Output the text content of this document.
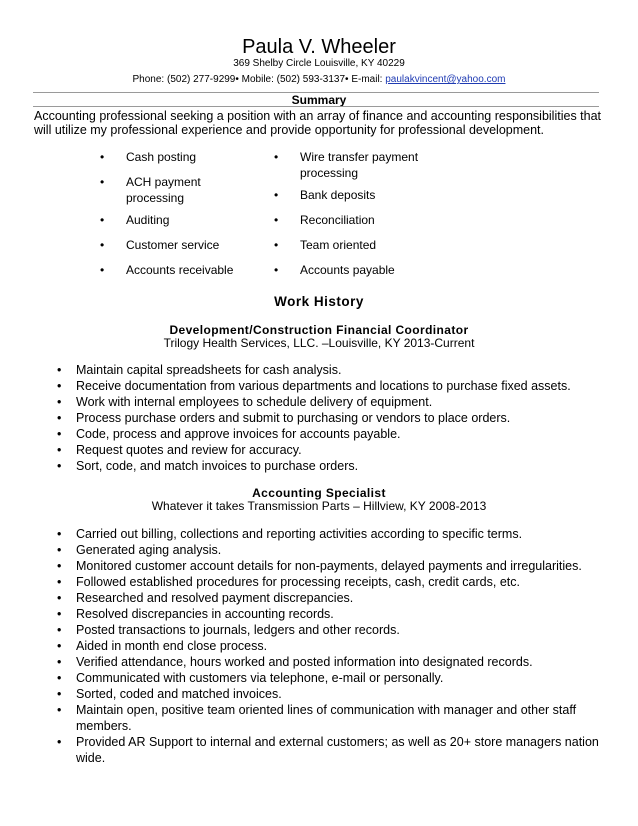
Paula V. Wheeler
369 Shelby Circle Louisville, KY 40229
Phone: (502) 277-9299• Mobile: (502) 593-3137• E-mail: paulakvincent@yahoo.com
Summary
Accounting professional seeking a position with an array of finance and accounting responsibilities that will utilize my professional experience and provide opportunity for professional development.
• Cash posting
• ACH payment processing
• Auditing
• Customer service
• Accounts receivable
• Wire transfer payment processing
• Bank deposits
• Reconciliation
• Team oriented
• Accounts payable
Work History
Development/Construction Financial Coordinator
Trilogy Health Services, LLC. –Louisville, KY 2013-Current
• Maintain capital spreadsheets for cash analysis.
• Receive documentation from various departments and locations to purchase fixed assets.
• Work with internal employees to schedule delivery of equipment.
• Process purchase orders and submit to purchasing or vendors to place orders.
• Code, process and approve invoices for accounts payable.
• Request quotes and review for accuracy.
• Sort, code, and match invoices to purchase orders.
Accounting Specialist
Whatever it takes Transmission Parts – Hillview, KY 2008-2013
• Carried out billing, collections and reporting activities according to specific terms.
• Generated aging analysis.
• Monitored customer account details for non-payments, delayed payments and irregularities.
• Followed established procedures for processing receipts, cash, credit cards, etc.
• Researched and resolved payment discrepancies.
• Resolved discrepancies in accounting records.
• Posted transactions to journals, ledgers and other records.
• Aided in month end close process.
• Verified attendance, hours worked and posted information into designated records.
• Communicated with customers via telephone, e-mail or personally.
• Sorted, coded and matched invoices.
• Maintain open, positive team oriented lines of communication with manager and other staff members.
• Provided AR Support to internal and external customers; as well as 20+ store managers nation wide.
